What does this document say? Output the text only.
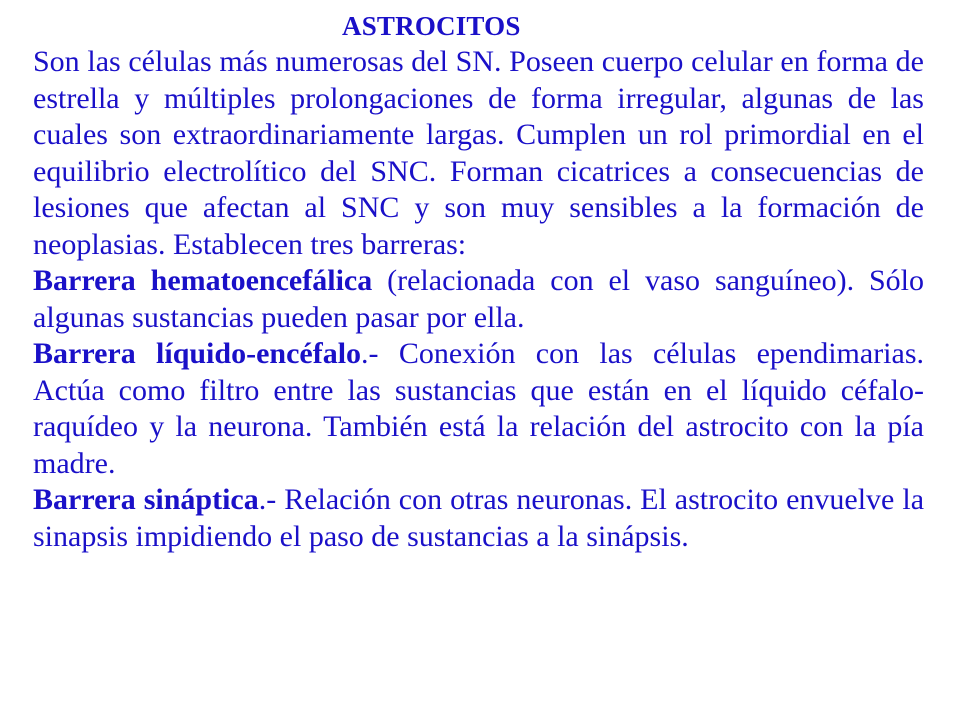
ASTROCITOS

Son las células más numerosas del SN. Poseen cuerpo celular en forma de estrella y múltiples prolongaciones de forma irregular, algunas de las cuales son extraordinariamente largas. Cumplen un rol primordial en el equilibrio electrolítico del SNC. Forman cicatrices a consecuencias de lesiones que afectan al SNC y son muy sensibles a la formación de neoplasias. Establecen tres barreras:

Barrera hematoencefálica (relacionada con el vaso sanguíneo). Sólo algunas sustancias pueden pasar por ella.

Barrera líquido-encéfalo.- Conexión con las células ependimarias. Actúa como filtro entre las sustancias que están en el líquido céfalo-raquídeo y la neurona. También está la relación del astrocito con la pía madre.

Barrera sináptica.- Relación con otras neuronas. El astrocito envuelve la sinapsis impidiendo el paso de sustancias a la sinápsis.
